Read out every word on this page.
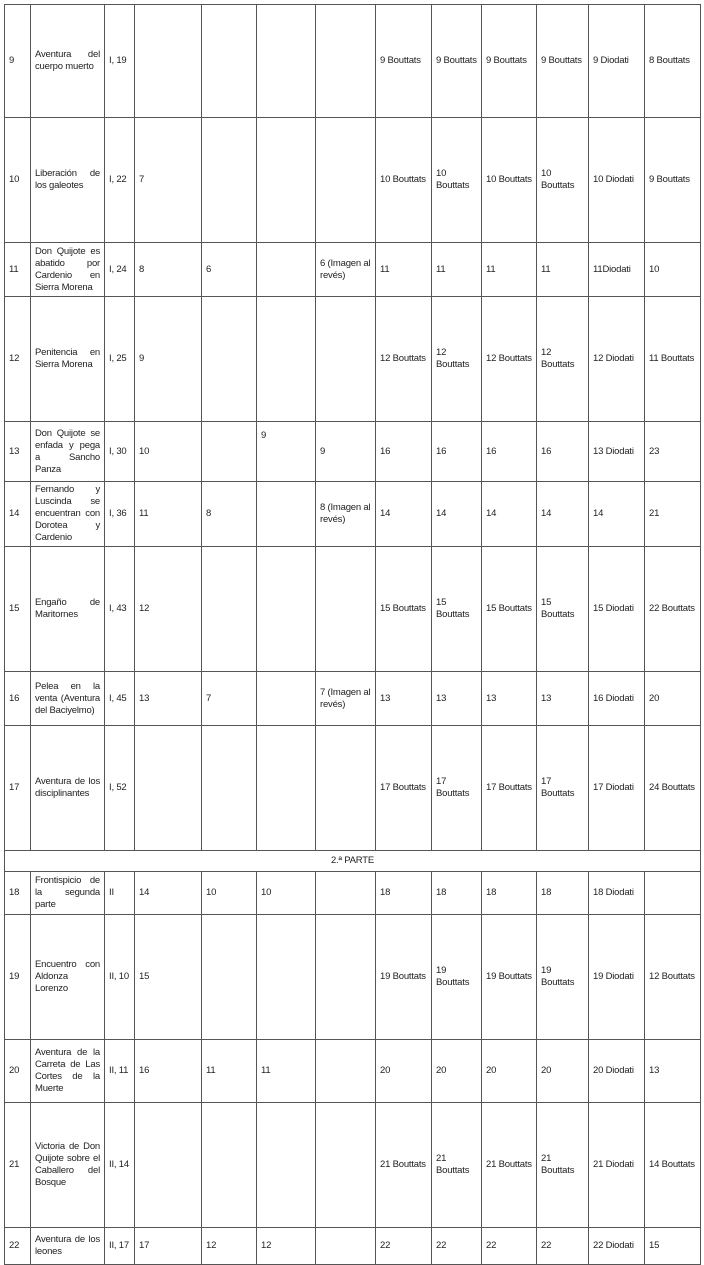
9	Aventura del cuerpo muerto	I, 19					9 Bouttats	9 Bouttats	9 Bouttats	9 Bouttats	9 Diodati	8 Bouttats	
10	Liberación de los galeotes	I, 22	7				10 Bouttats	10 Bouttats	10 Bouttats	10 Bouttats	10 Diodati	9 Bouttats	
11	Don Quijote es abatido por Cardenio en Sierra Morena	I, 24	8	6		6 (Imagen al revés)	11	11	11	11	11Diodati	10	
12	Penitencia en Sierra Morena	I, 25	9				12 Bouttats	12 Bouttats	12 Bouttats	12 Bouttats	12 Diodati	11 Bouttats	
13	Don Quijote se enfada y pega a Sancho Panza	I, 30	10		9	9	16	16	16	16	13 Diodati	23	
14	Fernando y Luscinda se encuentran con Dorotea y Cardenio	I, 36	11	8		8 (Imagen al revés)	14	14	14	14	14	21	
15	Engaño de Maritornes	I, 43	12				15 Bouttats	15 Bouttats	15 Bouttats	15 Bouttats	15 Diodati	22 Bouttats	
16	Pelea en la venta (Aventura del Baciyelmo)	I, 45	13	7		7 (Imagen al revés)	13	13	13	13	16 Diodati	20	
17	Aventura de los disciplinantes	I, 52					17 Bouttats	17 Bouttats	17 Bouttats	17 Bouttats	17 Diodati	24 Bouttats	
2.ª PARTE													
18	Frontispicio de la segunda parte	II	14	10	10		18	18	18	18	18 Diodati		
19	Encuentro con Aldonza Lorenzo	II, 10	15				19 Bouttats	19 Bouttats	19 Bouttats	19 Bouttats	19 Diodati	12 Bouttats	
20	Aventura de la Carreta de Las Cortes de la Muerte	II, 11	16	11	11		20	20	20	20	20 Diodati	13	
21	Victoria de Don Quijote sobre el Caballero del Bosque	II, 14					21 Bouttats	21 Bouttats	21 Bouttats	21 Bouttats	21 Diodati	14 Bouttats	
22	Aventura de los leones	II, 17	17	12	12		22	22	22	22	22 Diodati	15	
